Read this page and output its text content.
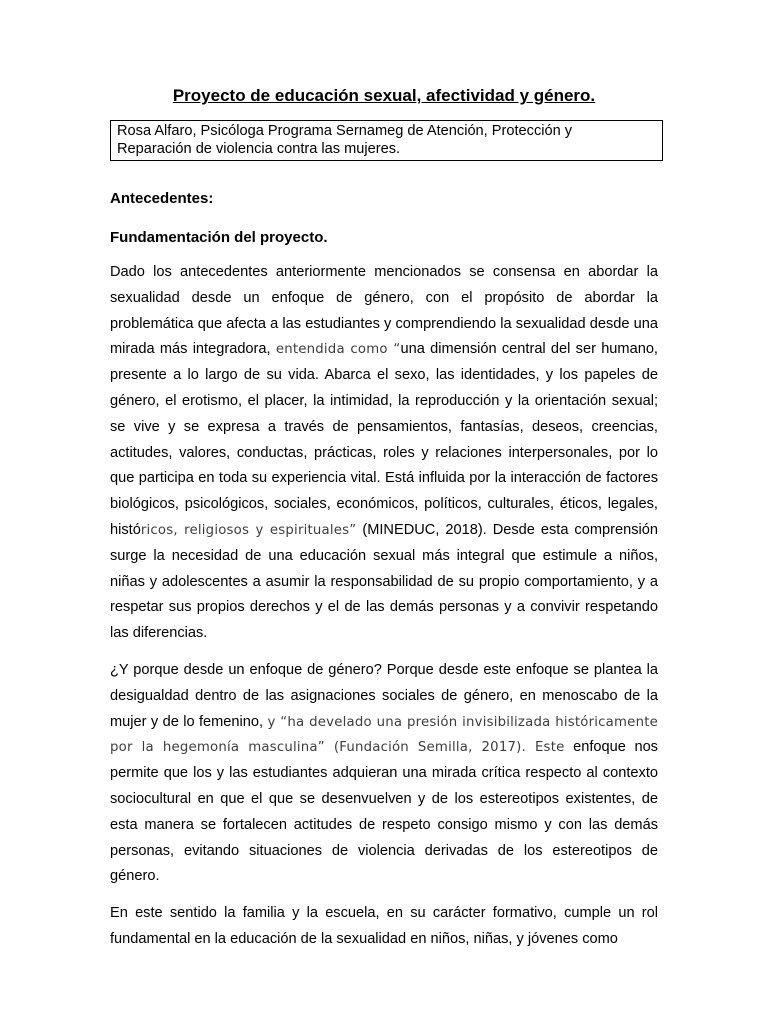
Proyecto de educación sexual, afectividad y género.
Rosa Alfaro, Psicóloga Programa Sernameg de Atención, Protección y
Reparación de violencia contra las mujeres.
Antecedentes:
Fundamentación del proyecto.

Dado los antecedentes anteriormente mencionados se consensa en abordar la sexualidad desde un enfoque de género, con el propósito de abordar la problemática que afecta a las estudiantes y comprendiendo la sexualidad desde una mirada más integradora, entendida como “una dimensión central del ser humano, presente a lo largo de su vida. Abarca el sexo, las identidades, y los papeles de género, el erotismo, el placer, la intimidad, la reproducción y la orientación sexual; se vive y se expresa a través de pensamientos, fantasías, deseos, creencias, actitudes, valores, conductas, prácticas, roles y relaciones interpersonales, por lo que participa en toda su experiencia vital. Está influida por la interacción de factores biológicos, psicológicos, sociales, económicos, políticos, culturales, éticos, legales, históricos, religiosos y espirituales” (MINEDUC, 2018). Desde esta comprensión surge la necesidad de una educación sexual más integral que estimule a niños, niñas y adolescentes a asumir la responsabilidad de su propio comportamiento, y a respetar sus propios derechos y el de las demás personas y a convivir respetando las diferencias.

¿Y porque desde un enfoque de género? Porque desde este enfoque se plantea la desigualdad dentro de las asignaciones sociales de género, en menoscabo de la mujer y de lo femenino, y “ha develado una presión invisibilizada históricamente por la hegemonía masculina” (Fundación Semilla, 2017). Este enfoque nos permite que los y las estudiantes adquieran una mirada crítica respecto al contexto sociocultural en que el que se desenvuelven y de los estereotipos existentes, de esta manera se fortalecen actitudes de respeto consigo mismo y con las demás personas, evitando situaciones de violencia derivadas de los estereotipos de género.

En este sentido la familia y la escuela, en su carácter formativo, cumple un rol fundamental en la educación de la sexualidad en niños, niñas, y jóvenes como
